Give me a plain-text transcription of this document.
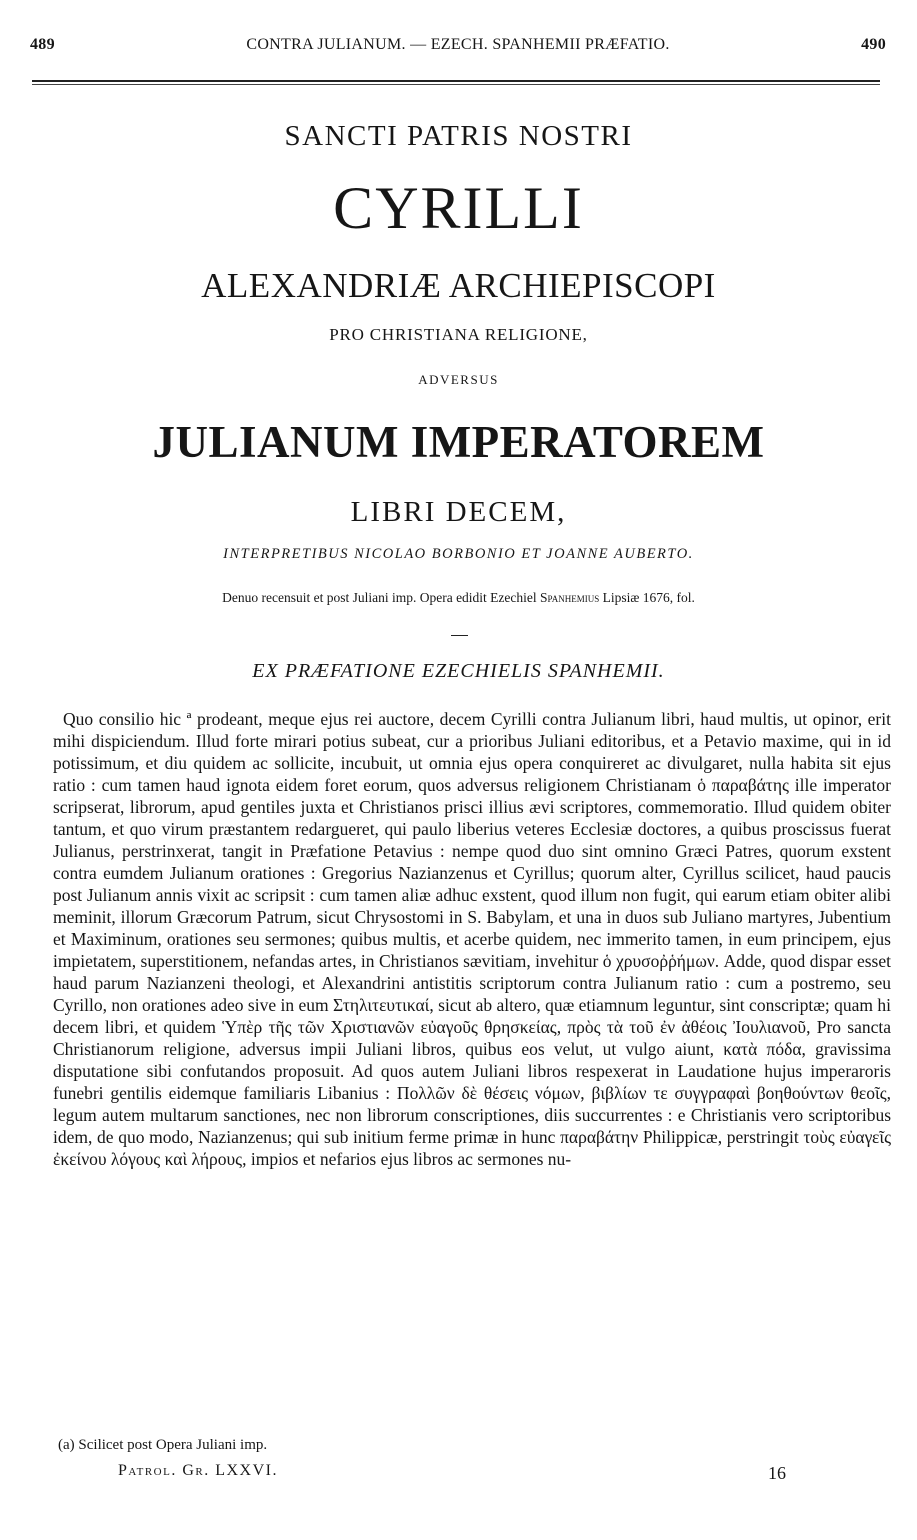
489	CONTRA JULIANUM. — EZECH. SPANHEMII PRÆFATIO.	490
SANCTI PATRIS NOSTRI
CYRILLI
ALEXANDRIÆ ARCHIEPISCOPI
PRO CHRISTIANA RELIGIONE,
ADVERSUS
JULIANUM IMPERATOREM
LIBRI DECEM,
INTERPRETIBUS NICOLAO BORBONIO ET JOANNE AUBERTO.
Denuo recensuit et post Juliani imp. Opera edidit Ezechiel Spanhemius Lipsiæ 1676, fol.
EX PRÆFATIONE EZECHIELIS SPANHEMII.

Quo consilio hic ª prodeant, meque ejus rei auctore, decem Cyrilli contra Julianum libri, haud multis, ut opinor, erit mihi dispiciendum. Illud forte mirari potius subeat, cur a prioribus Juliani editoribus, et a Petavio maxime, qui in id potissimum, et diu quidem ac sollicite, incubuit, ut omnia ejus opera conquireret ac divulgaret, nulla habita sit ejus ratio : cum tamen haud ignota eidem foret eorum, quos adversus religionem Christianam ὁ παραβάτης ille imperator scripserat, librorum, apud gentiles juxta et Christianos prisci illius ævi scriptores, commemoratio. Illud quidem obiter tantum, et quo virum præstantem redargueret, qui paulo liberius veteres Ecclesiæ doctores, a quibus proscissus fuerat Julianus, perstrinxerat, tangit in Præfatione Petavius : nempe quod duo sint omnino Græci Patres, quorum exstent contra eumdem Julianum orationes : Gregorius Nazianzenus et Cyrillus; quorum alter, Cyrillus scilicet, haud paucis post Julianum annis vixit ac scripsit : cum tamen aliæ adhuc exstent, quod illum non fugit, qui earum etiam obiter alibi meminit, illorum Græcorum Patrum, sicut Chrysostomi in S. Babylam, et una in duos sub Juliano martyres, Jubentium et Maximinum, orationes seu sermones; quibus multis, et acerbe quidem, nec immerito tamen, in eum principem, ejus impietatem, superstitionem, nefandas artes, in Christianos sævitiam, invehitur ὁ χρυσοῤῥήμων. Adde, quod dispar esset haud parum Nazianzeni theologi, et Alexandrini antistitis scriptorum contra Julianum ratio : cum a postremo, seu Cyrillo, non orationes adeo sive in eum Στηλιτευτικαί, sicut ab altero, quæ etiamnum leguntur, sint conscriptæ; quam hi decem libri, et quidem Ὑπὲρ τῆς τῶν Χριστιανῶν εὐαγοῦς θρησκείας, πρὸς τὰ τοῦ ἐν ἀθέοις Ἰουλιανοῦ, Pro sancta Christianorum religione, adversus impii Juliani libros, quibus eos velut, ut vulgo aiunt, κατὰ πόδα, gravissima disputatione sibi confutandos proposuit. Ad quos autem Juliani libros respexerat in Laudatione hujus imperaroris funebri gentilis eidemque familiaris Libanius : Πολλῶν δὲ θέσεις νόμων, βιβλίων τε συγγραφαὶ βοηθούντων θεοῖς, legum autem multarum sanctiones, nec non librorum conscriptiones, diis succurrentes : e Christianis vero scriptoribus idem, de quo modo, Nazianzenus; qui sub initium ferme primæ in hunc παραβάτην Philippicæ, perstringit τοὺς εὐαγεῖς ἐκείνου λόγους καὶ λήρους, impios et nefarios ejus libros ac sermones nu-

(a) Scilicet post Opera Juliani imp.
Patrol. Gr. LXXVI.	16
